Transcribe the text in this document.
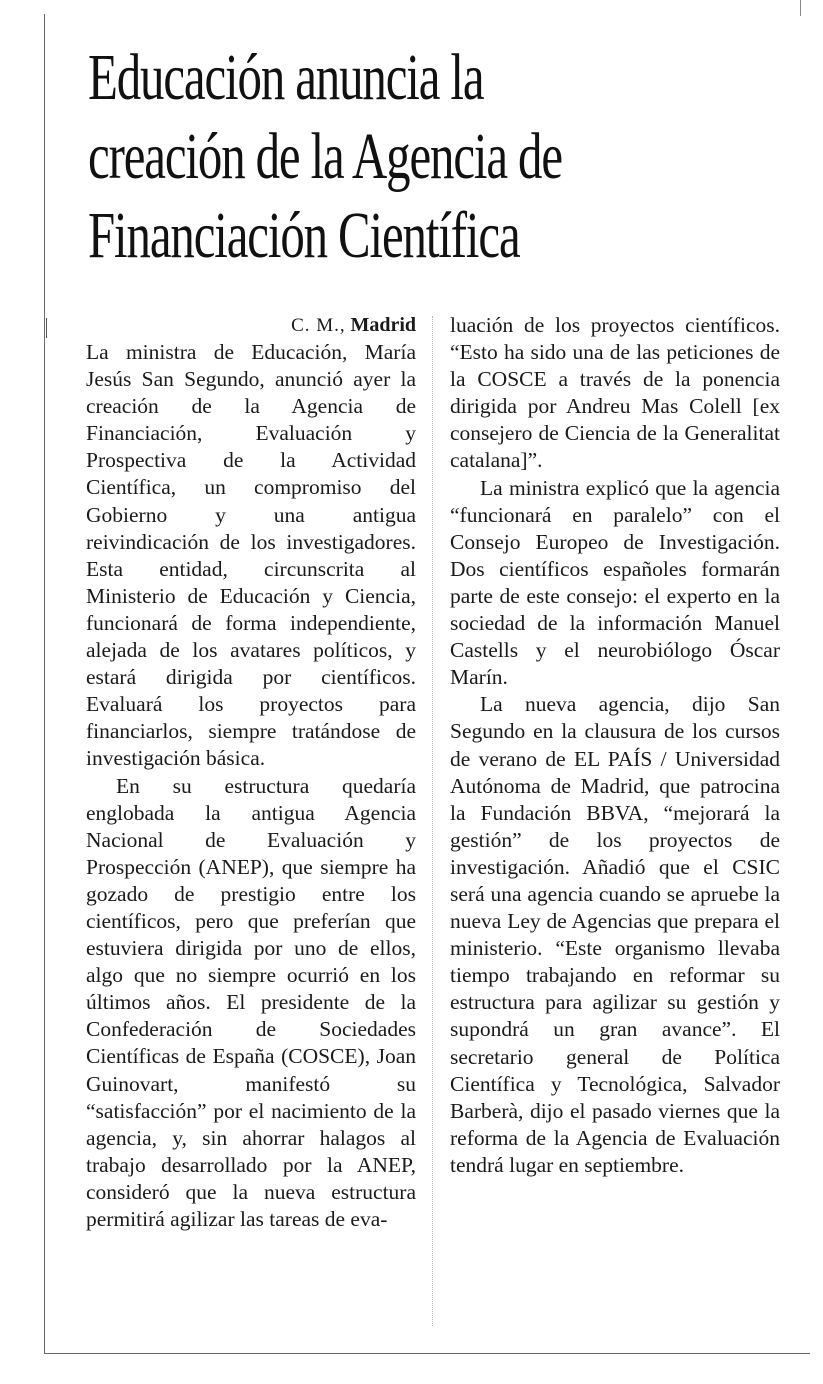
Educación anuncia la
creación de la Agencia de
Financiación Científica
C. M., Madrid

La ministra de Educación, María Jesús San Segundo, anunció ayer la creación de la Agencia de Financiación, Evaluación y Prospectiva de la Actividad Científica, un compromiso del Gobierno y una antigua reivindicación de los investigadores. Esta entidad, circunscrita al Ministerio de Educación y Ciencia, funcionará de forma independiente, alejada de los avatares políticos, y estará dirigida por científicos. Evaluará los proyectos para financiarlos, siempre tratándose de investigación básica.

En su estructura quedaría englobada la antigua Agencia Nacional de Evaluación y Prospección (ANEP), que siempre ha gozado de prestigio entre los científicos, pero que preferían que estuviera dirigida por uno de ellos, algo que no siempre ocurrió en los últimos años. El presidente de la Confederación de Sociedades Científicas de España (COSCE), Joan Guinovart, manifestó su “satisfacción” por el nacimiento de la agencia, y, sin ahorrar halagos al trabajo desarrollado por la ANEP, consideró que la nueva estructura permitirá agilizar las tareas de eva-

luación de los proyectos científicos. “Esto ha sido una de las peticiones de la COSCE a través de la ponencia dirigida por Andreu Mas Colell [ex consejero de Ciencia de la Generalitat catalana]”.

La ministra explicó que la agencia “funcionará en paralelo” con el Consejo Europeo de Investigación. Dos científicos españoles formarán parte de este consejo: el experto en la sociedad de la información Manuel Castells y el neurobiólogo Óscar Marín.

La nueva agencia, dijo San Segundo en la clausura de los cursos de verano de EL PAÍS / Universidad Autónoma de Madrid, que patrocina la Fundación BBVA, “mejorará la gestión” de los proyectos de investigación. Añadió que el CSIC será una agencia cuando se apruebe la nueva Ley de Agencias que prepara el ministerio. “Este organismo llevaba tiempo trabajando en reformar su estructura para agilizar su gestión y supondrá un gran avance”. El secretario general de Política Científica y Tecnológica, Salvador Barberà, dijo el pasado viernes que la reforma de la Agencia de Evaluación tendrá lugar en septiembre.
